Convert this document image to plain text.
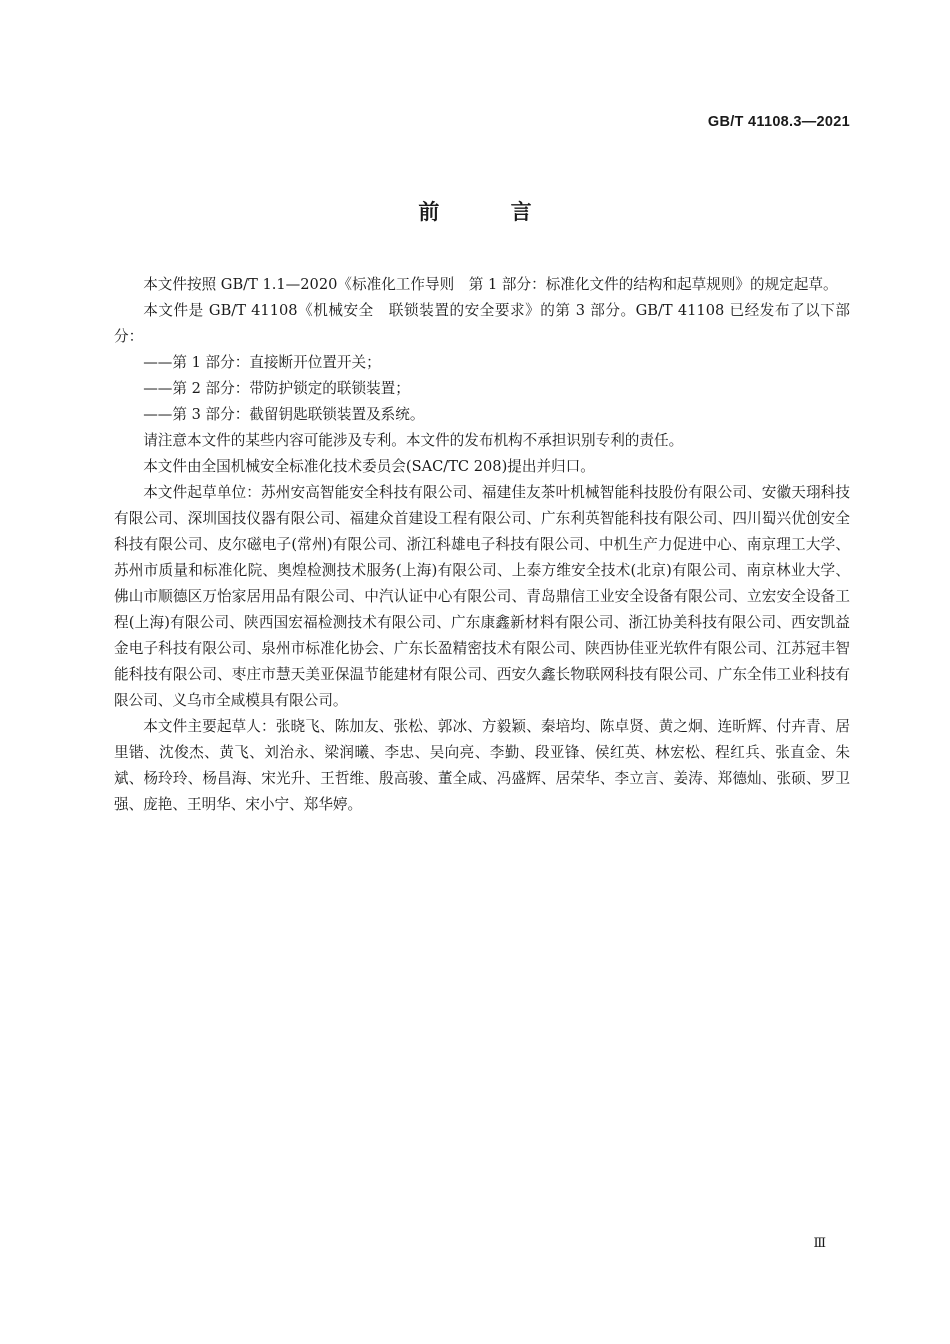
GB/T 41108.3—2021
前 言

本文件按照 GB/T 1.1—2020《标准化工作导则　第 1 部分：标准化文件的结构和起草规则》的规定起草。

本文件是 GB/T 41108《机械安全　联锁装置的安全要求》的第 3 部分。GB/T 41108 已经发布了以下部分：

——第 1 部分：直接断开位置开关；

——第 2 部分：带防护锁定的联锁装置；

——第 3 部分：截留钥匙联锁装置及系统。

请注意本文件的某些内容可能涉及专利。本文件的发布机构不承担识别专利的责任。

本文件由全国机械安全标准化技术委员会(SAC/TC 208)提出并归口。

本文件起草单位：苏州安高智能安全科技有限公司、福建佳友茶叶机械智能科技股份有限公司、安徽天珝科技有限公司、深圳国技仪器有限公司、福建众首建设工程有限公司、广东利英智能科技有限公司、四川蜀兴优创安全科技有限公司、皮尔磁电子(常州)有限公司、浙江科雄电子科技有限公司、中机生产力促进中心、南京理工大学、苏州市质量和标准化院、奥煌检测技术服务(上海)有限公司、上泰方维安全技术(北京)有限公司、南京林业大学、佛山市顺德区万怡家居用品有限公司、中汽认证中心有限公司、青岛鼎信工业安全设备有限公司、立宏安全设备工程(上海)有限公司、陕西国宏福检测技术有限公司、广东康鑫新材料有限公司、浙江协美科技有限公司、西安凯益金电子科技有限公司、泉州市标准化协会、广东长盈精密技术有限公司、陕西协佳亚光软件有限公司、江苏冠丰智能科技有限公司、枣庄市慧天美亚保温节能建材有限公司、西安久鑫长物联网科技有限公司、广东全伟工业科技有限公司、义乌市全咸模具有限公司。

本文件主要起草人：张晓飞、陈加友、张松、郭冰、方毅颖、秦培均、陈卓贤、黄之炯、连昕辉、付卉青、居里锴、沈俊杰、黄飞、刘治永、梁润曦、李忠、吴向亮、李勤、段亚锋、侯红英、林宏松、程红兵、张直金、朱斌、杨玲玲、杨昌海、宋光升、王哲维、殷高骏、董全咸、冯盛辉、居荣华、李立言、姜涛、郑德灿、张硕、罗卫强、庞艳、王明华、宋小宁、郑华婷。

Ⅲ
